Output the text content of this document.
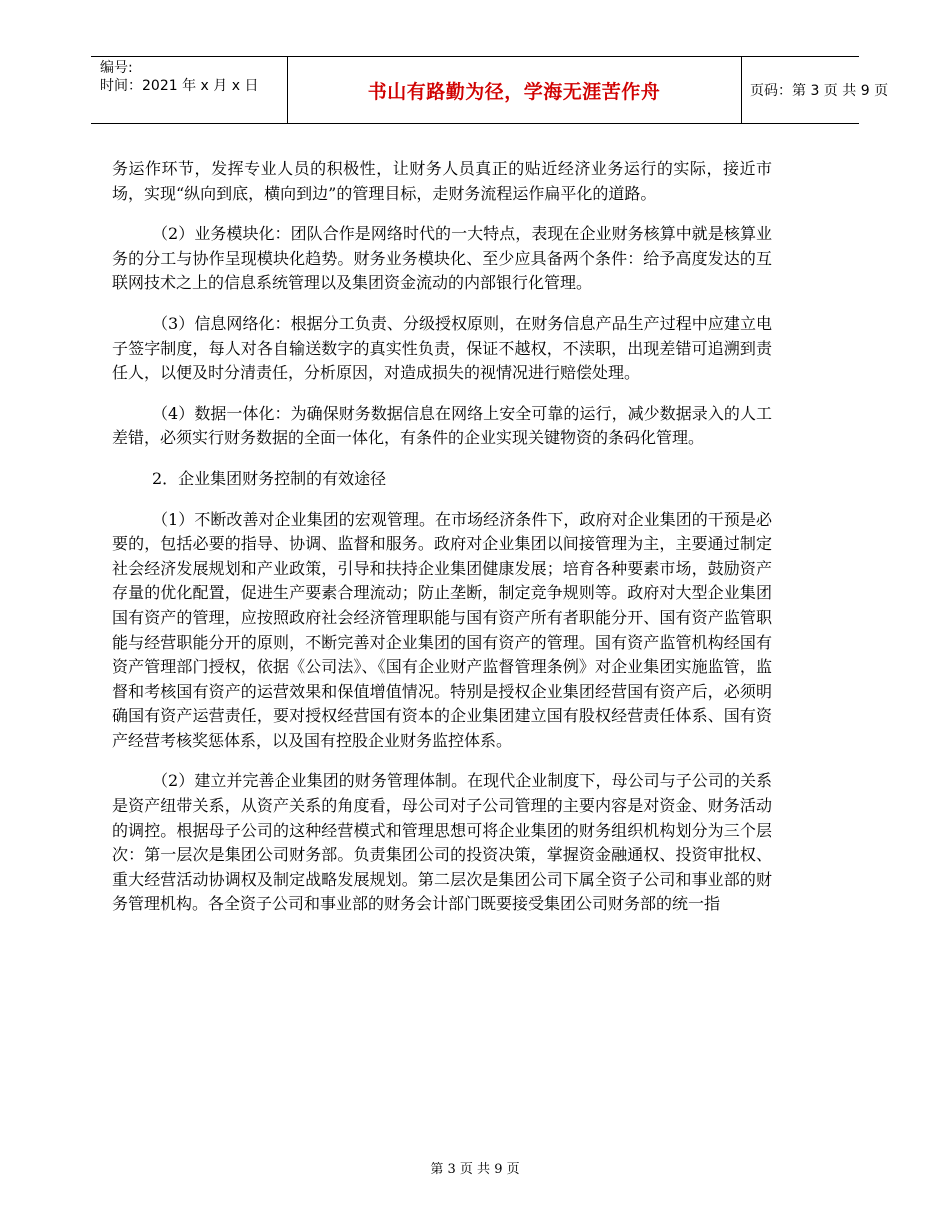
编号:
时间：2021 年 x 月 x 日	书山有路勤为径，学海无涯苦作舟	页码：第 3 页 共 9 页

务运作环节，发挥专业人员的积极性，让财务人员真正的贴近经济业务运行的实际，接近市场，实现“纵向到底，横向到边”的管理目标，走财务流程运作扁平化的道路。

（2）业务模块化：团队合作是网络时代的一大特点，表现在企业财务核算中就是核算业务的分工与协作呈现模块化趋势。财务业务模块化、至少应具备两个条件：给予高度发达的互联网技术之上的信息系统管理以及集团资金流动的内部银行化管理。

（3）信息网络化：根据分工负责、分级授权原则，在财务信息产品生产过程中应建立电子签字制度，每人对各自输送数字的真实性负责，保证不越权，不渎职，出现差错可追溯到责任人，以便及时分清责任，分析原因，对造成损失的视情况进行赔偿处理。

（4）数据一体化：为确保财务数据信息在网络上安全可靠的运行，减少数据录入的人工差错，必须实行财务数据的全面一体化，有条件的企业实现关键物资的条码化管理。

2．企业集团财务控制的有效途径

（1）不断改善对企业集团的宏观管理。在市场经济条件下，政府对企业集团的干预是必要的，包括必要的指导、协调、监督和服务。政府对企业集团以间接管理为主，主要通过制定社会经济发展规划和产业政策，引导和扶持企业集团健康发展；培育各种要素市场，鼓励资产存量的优化配置，促进生产要素合理流动；防止垄断，制定竞争规则等。政府对大型企业集团国有资产的管理，应按照政府社会经济管理职能与国有资产所有者职能分开、国有资产监管职能与经营职能分开的原则，不断完善对企业集团的国有资产的管理。国有资产监管机构经国有资产管理部门授权，依据《公司法》、《国有企业财产监督管理条例》对企业集团实施监管，监督和考核国有资产的运营效果和保值增值情况。特别是授权企业集团经营国有资产后，必须明确国有资产运营责任，要对授权经营国有资本的企业集团建立国有股权经营责任体系、国有资产经营考核奖惩体系，以及国有控股企业财务监控体系。

（2）建立并完善企业集团的财务管理体制。在现代企业制度下，母公司与子公司的关系是资产纽带关系，从资产关系的角度看，母公司对子公司管理的主要内容是对资金、财务活动的调控。根据母子公司的这种经营模式和管理思想可将企业集团的财务组织机构划分为三个层次：第一层次是集团公司财务部。负责集团公司的投资决策，掌握资金融通权、投资审批权、重大经营活动协调权及制定战略发展规划。第二层次是集团公司下属全资子公司和事业部的财务管理机构。各全资子公司和事业部的财务会计部门既要接受集团公司财务部的统一指

第 3 页 共 9 页
